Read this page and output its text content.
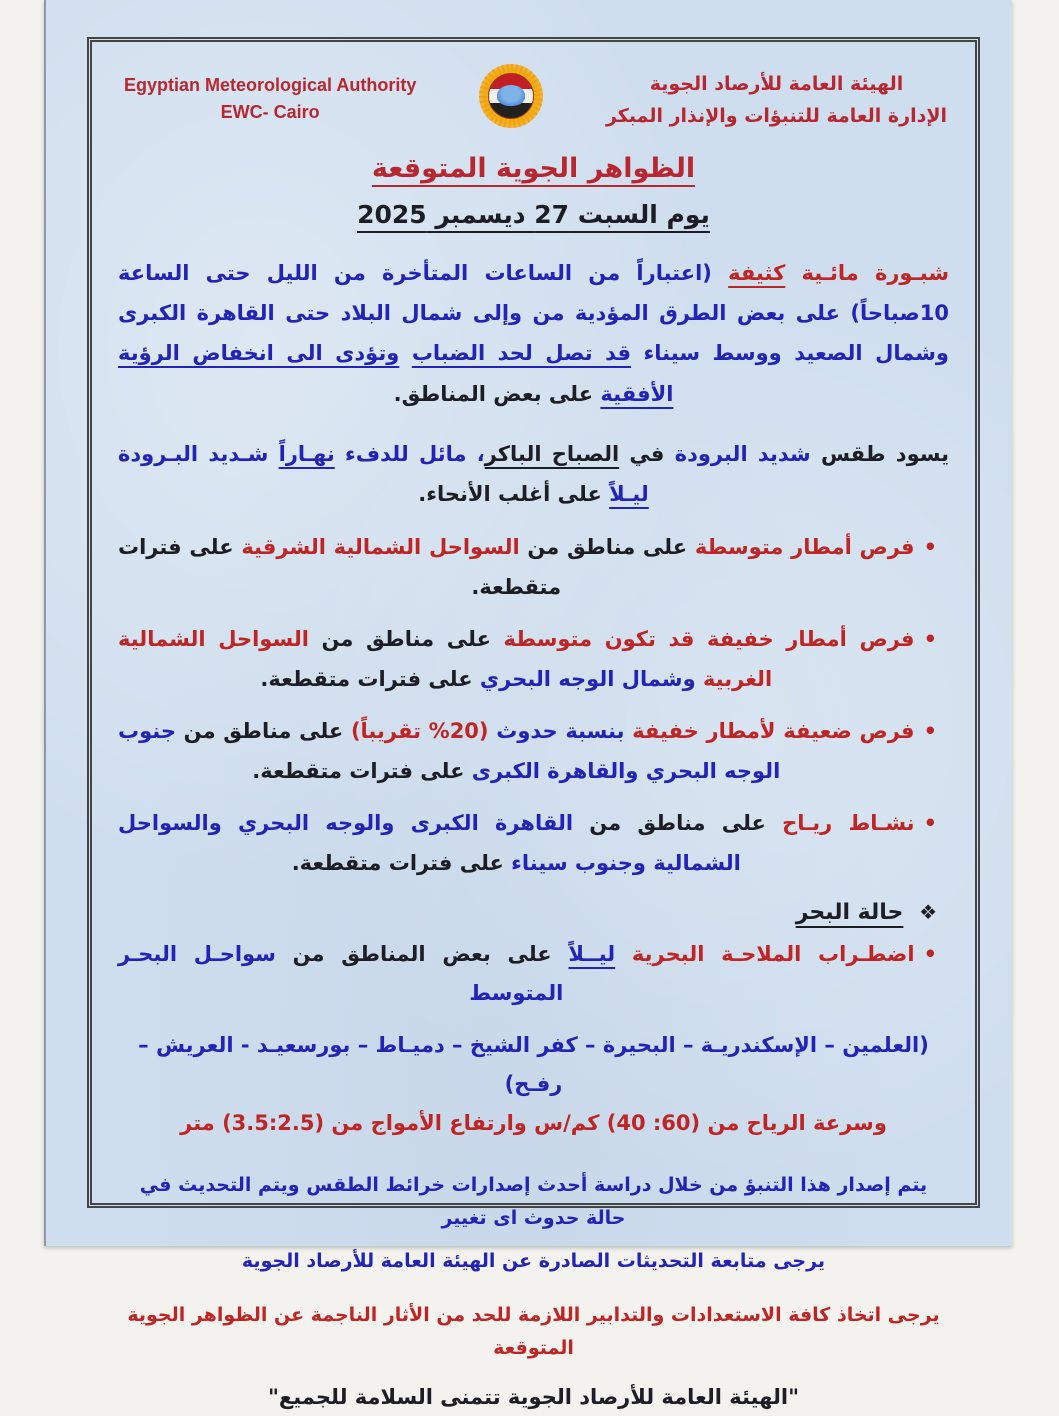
الهيئة العامة للأرصاد الجوية
الإدارة العامة للتنبؤات والإنذار المبكر
Egyptian Meteorological Authority
EWC- Cairo
الظواهر الجوية المتوقعة
يوم السبت 27 ديسمبر 2025

شبـورة مائـية كثيفة (اعتباراً من الساعات المتأخرة من الليل حتى الساعة 10صباحاً) على بعض الطرق المؤدية من وإلى شمال البلاد حتى القاهرة الكبرى وشمال الصعيد ووسط سيناء قد تصل لحد الضباب وتؤدى الى انخفاض الرؤية الأفقية على بعض المناطق.

يسود طقس شديد البرودة في الصباح الباكر، مائل للدفء نهـاراً شـديد البـرودة ليـلاً على أغلب الأنحاء.

•
فرص أمطار متوسطة على مناطق من السواحل الشمالية الشرقية على فترات متقطعة.
•
فرص أمطار خفيفة قد تكون متوسطة على مناطق من السواحل الشمالية الغربية وشمال الوجه البحري على فترات متقطعة.
•
فرص ضعيفة لأمطار خفيفة بنسبة حدوث (20% تقريباً) على مناطق من جنوب الوجه البحري والقاهرة الكبرى على فترات متقطعة.
•
نشـاط ريـاح على مناطق من القاهرة الكبرى والوجه البحري والسواحل الشمالية وجنوب سيناء على فترات متقطعة.
❖ حالة البحر
•
اضطـراب الملاحـة البحرية ليــلاً على بعض المناطق من سواحـل البحـر المتوسط
(العلمين – الإسكندريـة – البحيرة – كفر الشيخ – دميـاط – بورسعيـد - العريش – رفـح)
وسرعة الرياح من (40 :60) كم/س وارتفاع الأمواج من (3.5:2.5) متر
يتم إصدار هذا التنبؤ من خلال دراسة أحدث إصدارات خرائط الطقس ويتم التحديث في حالة حدوث اى تغيير
يرجى متابعة التحديثات الصادرة عن الهيئة العامة للأرصاد الجوية
يرجى اتخاذ كافة الاستعدادات والتدابير اللازمة للحد من الأثار الناجمة عن الظواهر الجوية المتوقعة
"الهيئة العامة للأرصاد الجوية تتمنى السلامة للجميع"
